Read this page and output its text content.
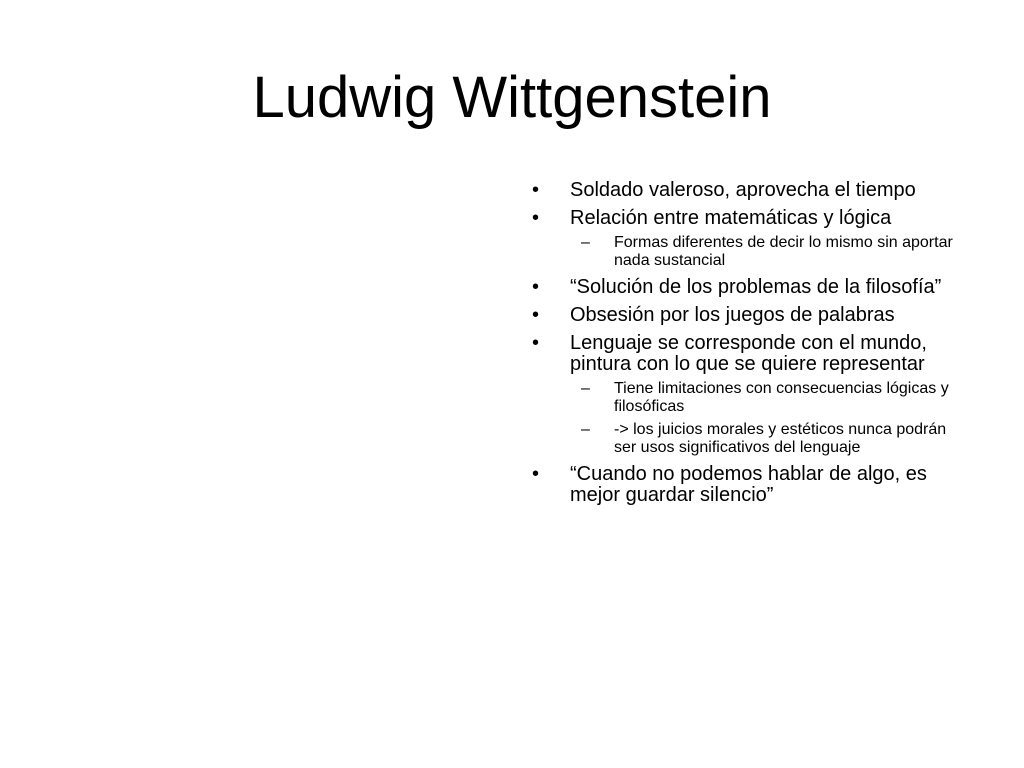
Ludwig Wittgenstein
•	Soldado valeroso, aprovecha el tiempo
•	Relación entre matemáticas y lógica
–	Formas diferentes de decir lo mismo sin aportar nada sustancial
•	“Solución de los problemas de la filosofía”
•	Obsesión por los juegos de palabras
•	Lenguaje se corresponde con el mundo, pintura con lo que se quiere representar
–	Tiene limitaciones con consecuencias lógicas y filosóficas
–	-> los juicios morales y estéticos nunca podrán ser usos significativos del lenguaje
•	“Cuando no podemos hablar de algo, es mejor guardar silencio”
